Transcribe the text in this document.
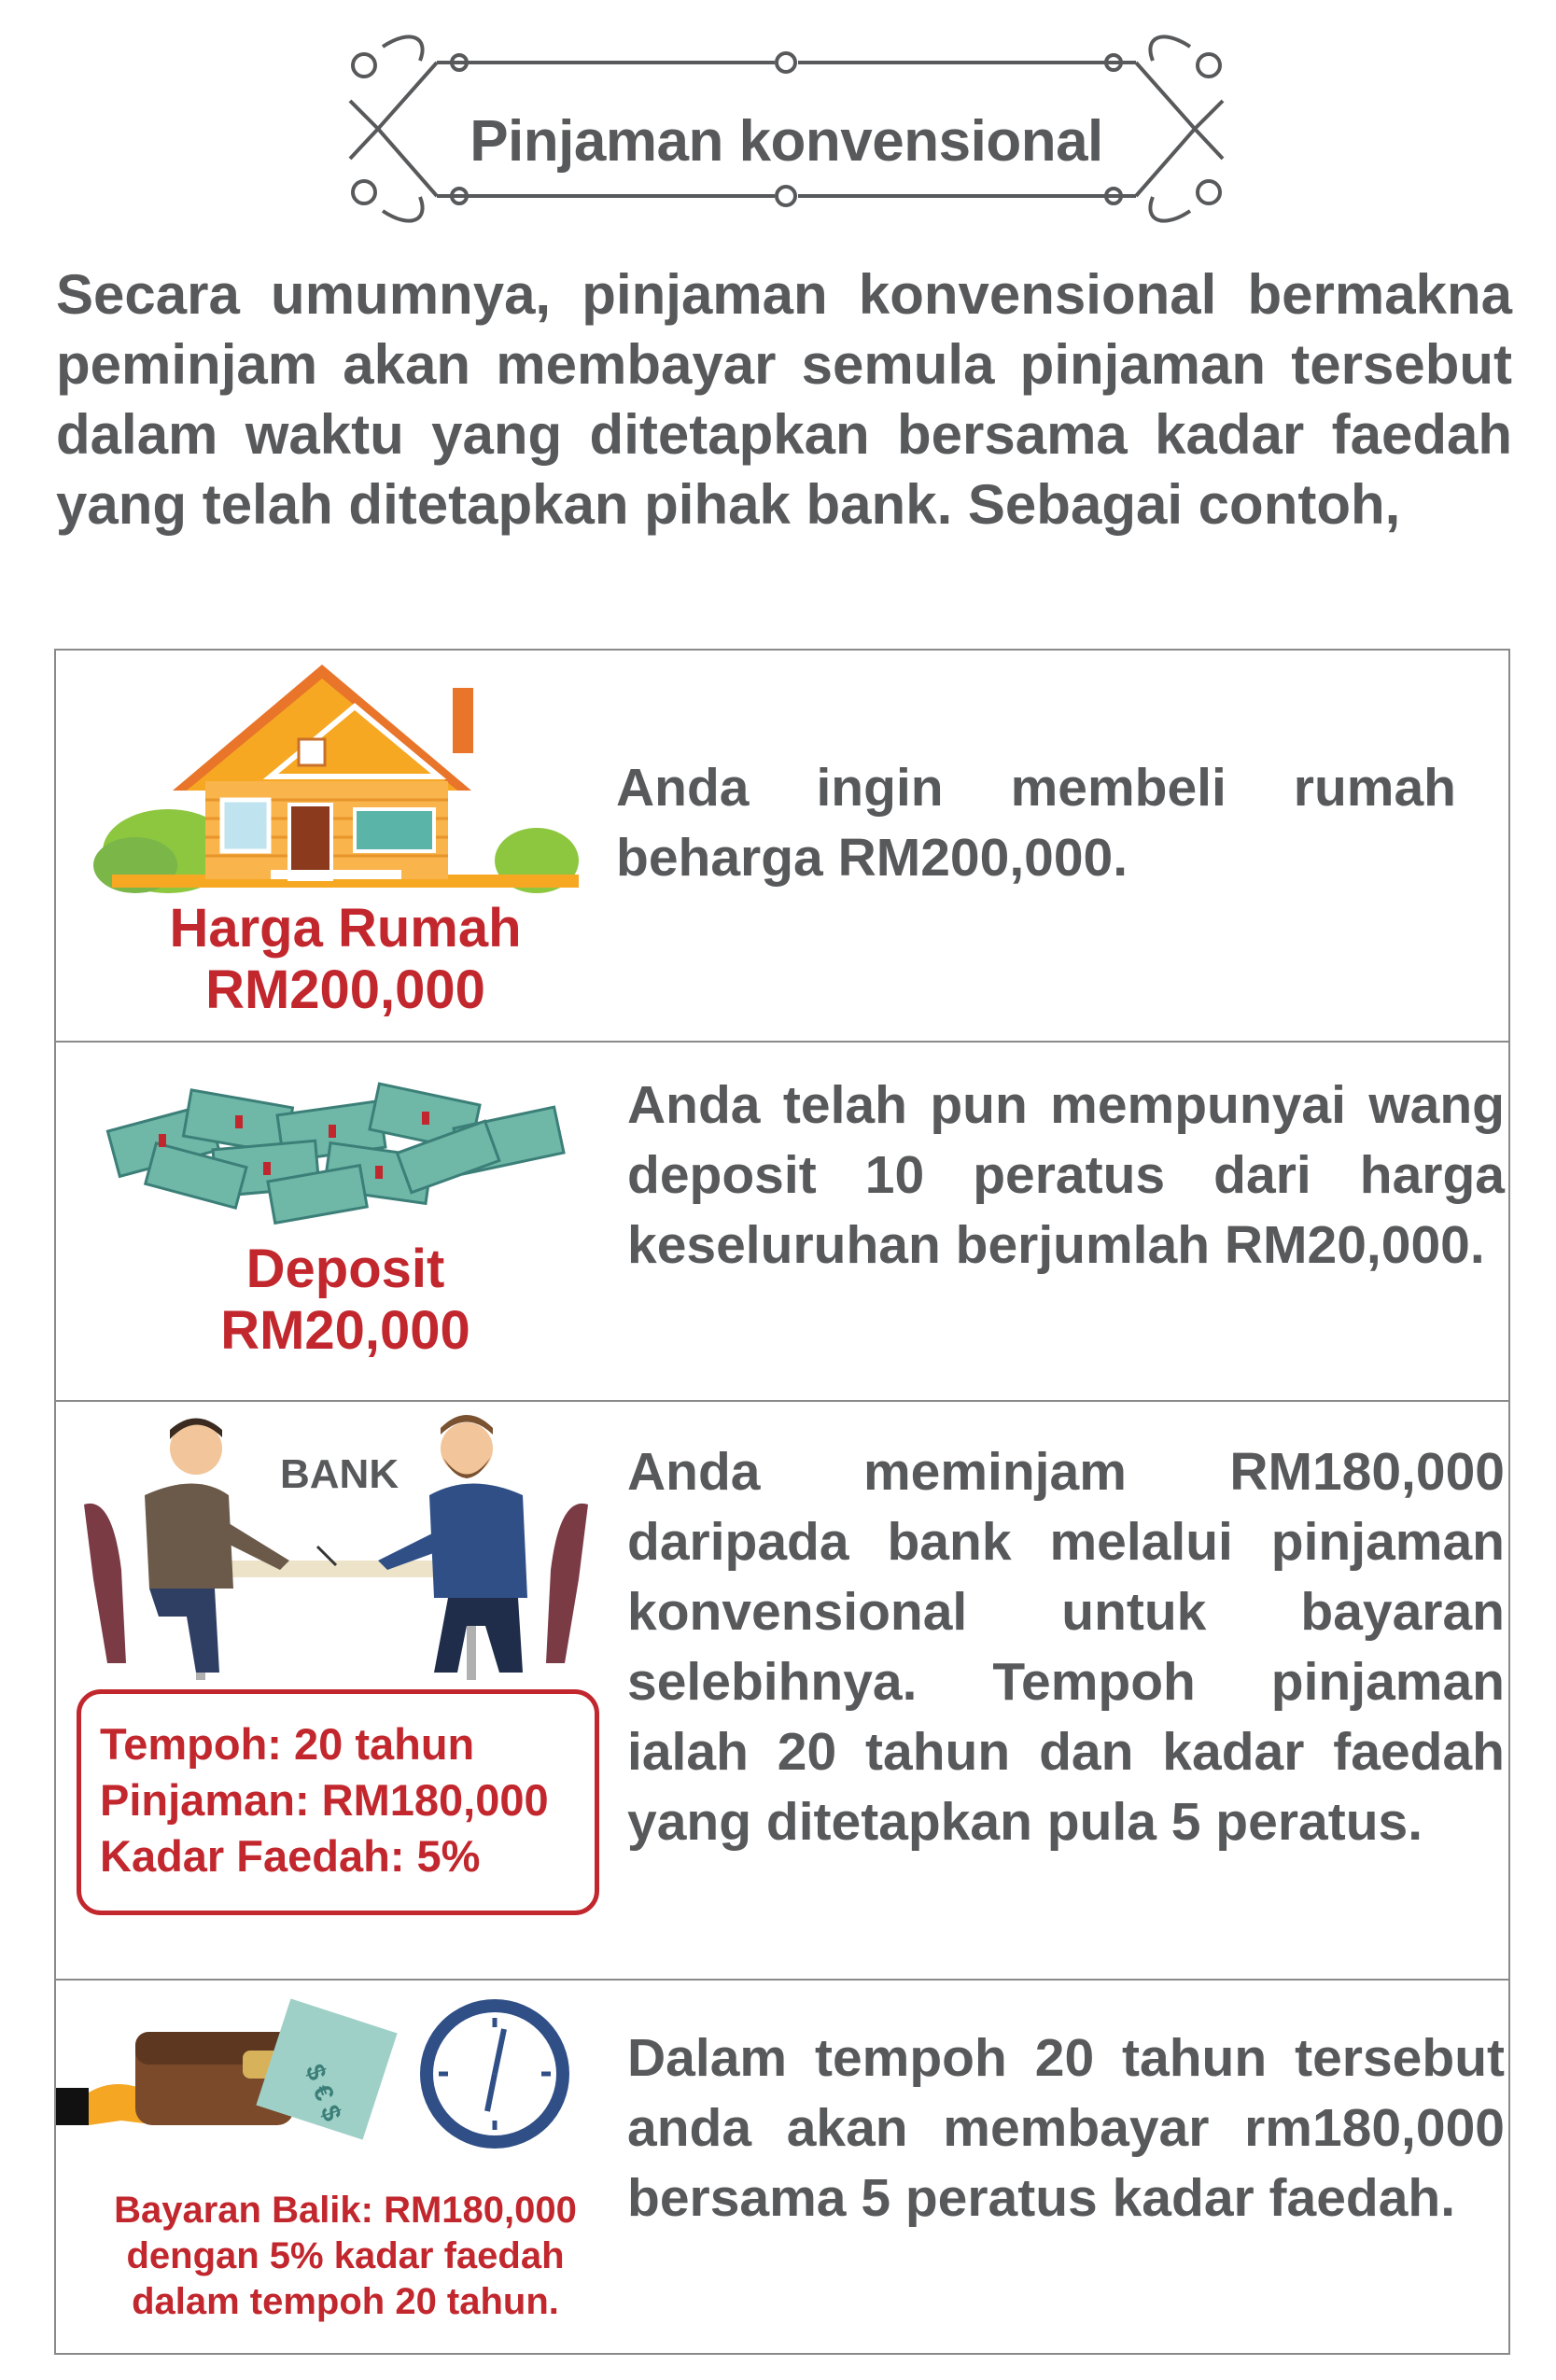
Pinjaman konvensional
Secara umumnya, pinjaman konvensional bermakna peminjam akan membayar semula pinjaman tersebut dalam waktu yang ditetapkan bersama kadar faedah yang telah ditetapkan pihak bank. Sebagai contoh,
Harga Rumah
RM200,000
Anda ingin membeli rumah beharga RM200,000.
Deposit
RM20,000
Anda telah pun mempunyai wang deposit 10 peratus dari harga keseluruhan berjumlah RM20,000.
BANK
Tempoh: 20 tahun
Pinjaman: RM180,000
Kadar Faedah: 5%
Anda meminjam RM180,000 daripada bank melalui pinjaman konvensional untuk bayaran selebihnya. Tempoh pinjaman ialah 20 tahun dan kadar faedah yang ditetapkan pula 5 peratus.
$ € $
Bayaran Balik: RM180,000
dengan 5% kadar faedah
dalam tempoh 20 tahun.
Dalam tempoh 20 tahun tersebut anda akan membayar rm180,000 bersama 5 peratus kadar faedah.
